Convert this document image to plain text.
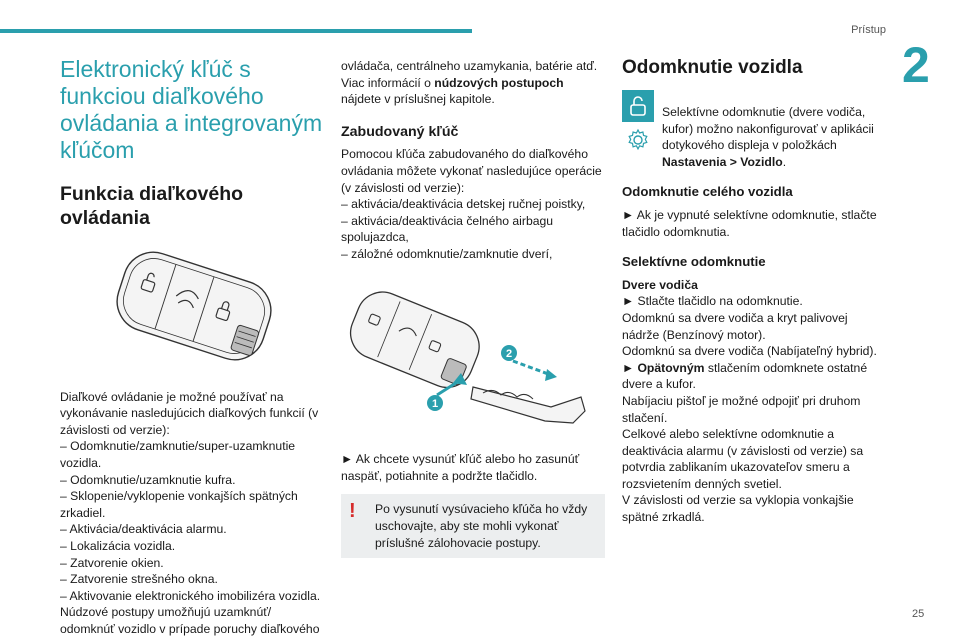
Prístup
2
25
Elektronický kľúč s funkciou diaľkového ovládania a integrovaným kľúčom
Funkcia diaľkového ovládania

Diaľkové ovládanie je možné používať na vykonávanie nasledujúcich diaľkových funkcií (v závislosti od verzie):

– Odomknutie/zamknutie/super-uzamknutie vozidla.

– Odomknutie/uzamknutie kufra.

– Sklopenie/vyklopenie vonkajších spätných zrkadiel.

– Aktivácia/deaktivácia alarmu.

– Lokalizácia vozidla.

– Zatvorenie okien.

– Zatvorenie strešného okna.

– Aktivovanie elektronického imobilizéra vozidla.

Núdzové postupy umožňujú uzamknúť/ odomknúť vozidlo v prípade poruchy diaľkového

ovládača, centrálneho uzamykania, batérie atď. Viac informácií o núdzových postupoch nájdete v príslušnej kapitole.

Zabudovaný kľúč

Pomocou kľúča zabudovaného do diaľkového ovládania môžete vykonať nasledujúce operácie (v závislosti od verzie):

– aktivácia/deaktivácia detskej ručnej poistky,

– aktivácia/deaktivácia čelného airbagu spolujazdca,

– záložné odomknutie/zamknutie dverí,

1
2

► Ak chcete vysunúť kľúč alebo ho zasunúť naspäť, potiahnite a podržte tlačidlo.

!	Po vysunutí vysúvacieho kľúča ho vždy uschovajte, aby ste mohli vykonať príslušné zálohovacie postupy.

Odomknutie vozidla

Selektívne odomknutie (dvere vodiča, kufor) možno nakonfigurovať v aplikácii dotykového displeja v položkách Nastavenia > Vozidlo.

Odomknutie celého vozidla

► Ak je vypnuté selektívne odomknutie, stlačte tlačidlo odomknutia.

Selektívne odomknutie

Dvere vodiča

► Stlačte tlačidlo na odomknutie.

Odomknú sa dvere vodiča a kryt palivovej nádrže (Benzínový motor).

Odomknú sa dvere vodiča (Nabíjateľný hybrid).

► Opätovným stlačením odomknete ostatné dvere a kufor.

Nabíjaciu pištoľ je možné odpojiť pri druhom stlačení.

Celkové alebo selektívne odomknutie a deaktivácia alarmu (v závislosti od verzie) sa potvrdia zablikaním ukazovateľov smeru a rozsvietením denných svetiel.

V závislosti od verzie sa vyklopia vonkajšie spätné zrkadlá.
